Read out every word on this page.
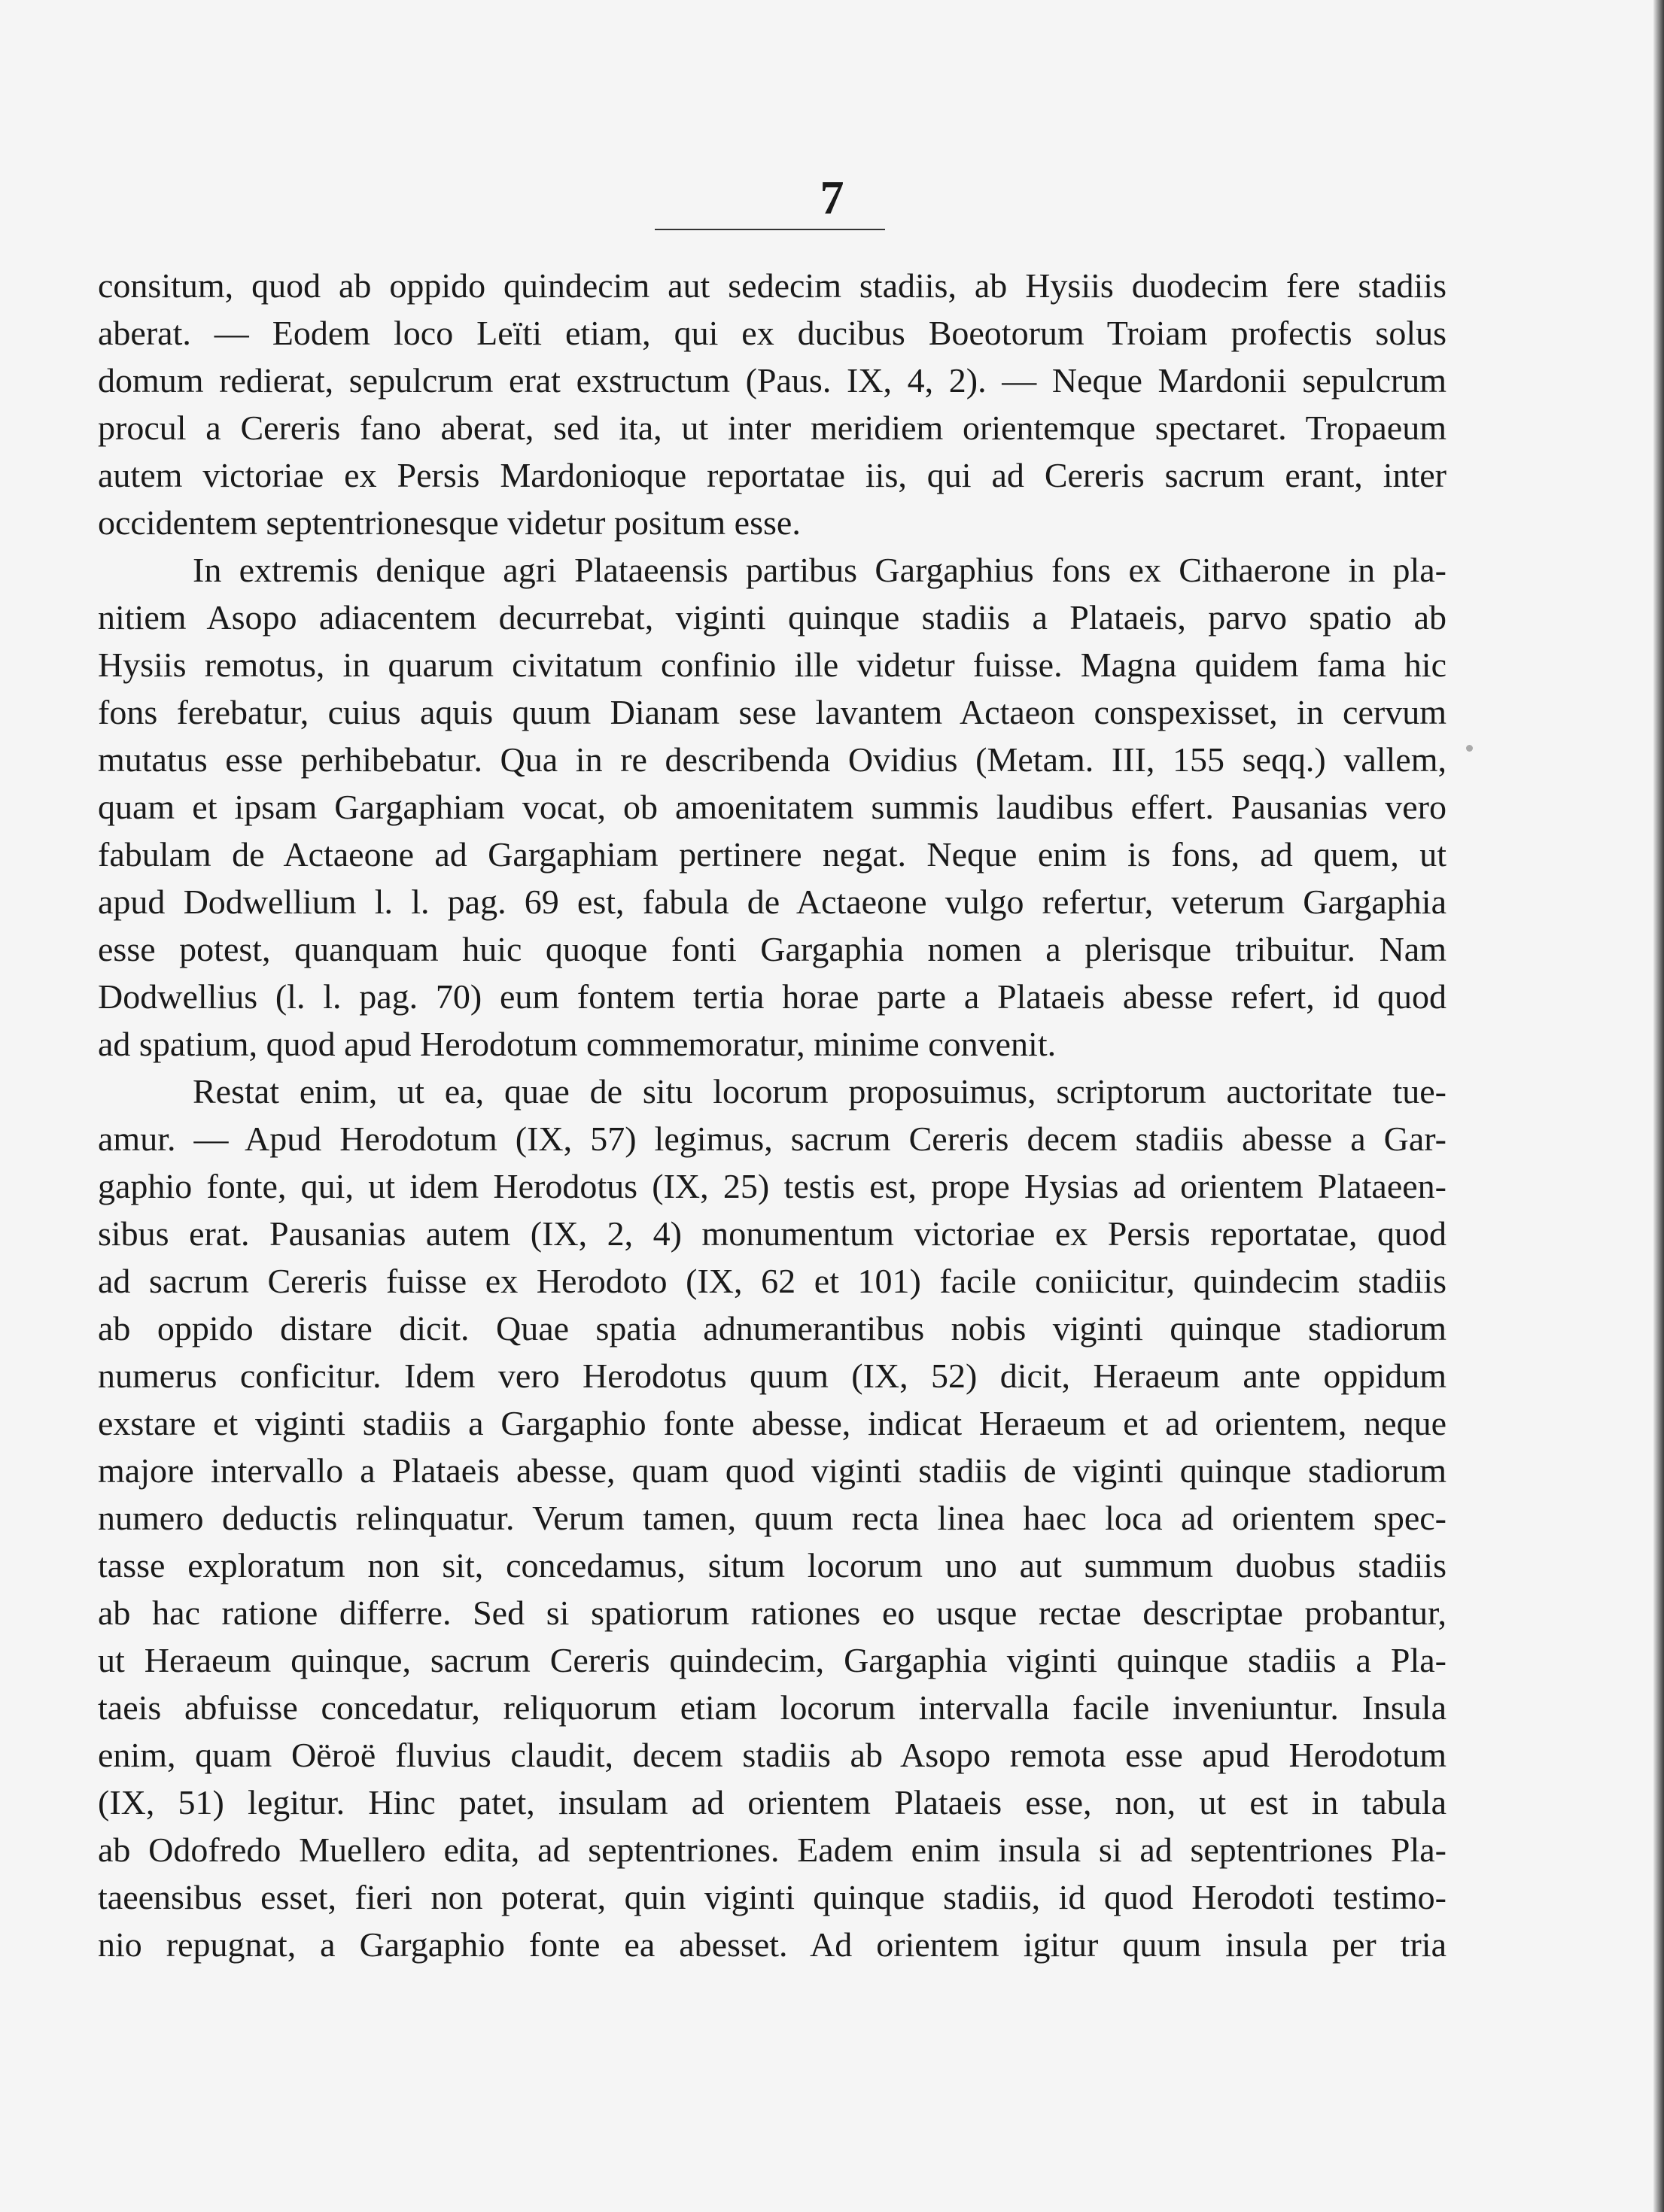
7
consitum, quod ab oppido quindecim aut sedecim stadiis, ab Hysiis duodecim fere stadiis
aberat. — Eodem loco Leïti etiam, qui ex ducibus Boeotorum Troiam profectis solus
domum redierat, sepulcrum erat exstructum (Paus. IX, 4, 2). — Neque Mardonii sepulcrum
procul a Cereris fano aberat, sed ita, ut inter meridiem orientemque spectaret. Tropaeum
autem victoriae ex Persis Mardonioque reportatae iis, qui ad Cereris sacrum erant, inter
occidentem septentrionesque videtur positum esse.
In extremis denique agri Plataeensis partibus Gargaphius fons ex Cithaerone in pla-
nitiem Asopo adiacentem decurrebat, viginti quinque stadiis a Plataeis, parvo spatio ab
Hysiis remotus, in quarum civitatum confinio ille videtur fuisse. Magna quidem fama hic
fons ferebatur, cuius aquis quum Dianam sese lavantem Actaeon conspexisset, in cervum
mutatus esse perhibebatur. Qua in re describenda Ovidius (Metam. III, 155 seqq.) vallem,
quam et ipsam Gargaphiam vocat, ob amoenitatem summis laudibus effert. Pausanias vero
fabulam de Actaeone ad Gargaphiam pertinere negat. Neque enim is fons, ad quem, ut
apud Dodwellium l. l. pag. 69 est, fabula de Actaeone vulgo refertur, veterum Gargaphia
esse potest, quanquam huic quoque fonti Gargaphia nomen a plerisque tribuitur. Nam
Dodwellius (l. l. pag. 70) eum fontem tertia horae parte a Plataeis abesse refert, id quod
ad spatium, quod apud Herodotum commemoratur, minime convenit.
Restat enim, ut ea, quae de situ locorum proposuimus, scriptorum auctoritate tue-
amur. — Apud Herodotum (IX, 57) legimus, sacrum Cereris decem stadiis abesse a Gar-
gaphio fonte, qui, ut idem Herodotus (IX, 25) testis est, prope Hysias ad orientem Plataeen-
sibus erat. Pausanias autem (IX, 2, 4) monumentum victoriae ex Persis reportatae, quod
ad sacrum Cereris fuisse ex Herodoto (IX, 62 et 101) facile coniicitur, quindecim stadiis
ab oppido distare dicit. Quae spatia adnumerantibus nobis viginti quinque stadiorum
numerus conficitur. Idem vero Herodotus quum (IX, 52) dicit, Heraeum ante oppidum
exstare et viginti stadiis a Gargaphio fonte abesse, indicat Heraeum et ad orientem, neque
majore intervallo a Plataeis abesse, quam quod viginti stadiis de viginti quinque stadiorum
numero deductis relinquatur. Verum tamen, quum recta linea haec loca ad orientem spec-
tasse exploratum non sit, concedamus, situm locorum uno aut summum duobus stadiis
ab hac ratione differre. Sed si spatiorum rationes eo usque rectae descriptae probantur,
ut Heraeum quinque, sacrum Cereris quindecim, Gargaphia viginti quinque stadiis a Pla-
taeis abfuisse concedatur, reliquorum etiam locorum intervalla facile inveniuntur. Insula
enim, quam Oëroë fluvius claudit, decem stadiis ab Asopo remota esse apud Herodotum
(IX, 51) legitur. Hinc patet, insulam ad orientem Plataeis esse, non, ut est in tabula
ab Odofredo Muellero edita, ad septentriones. Eadem enim insula si ad septentriones Pla-
taeensibus esset, fieri non poterat, quin viginti quinque stadiis, id quod Herodoti testimo-
nio repugnat, a Gargaphio fonte ea abesset. Ad orientem igitur quum insula per tria
